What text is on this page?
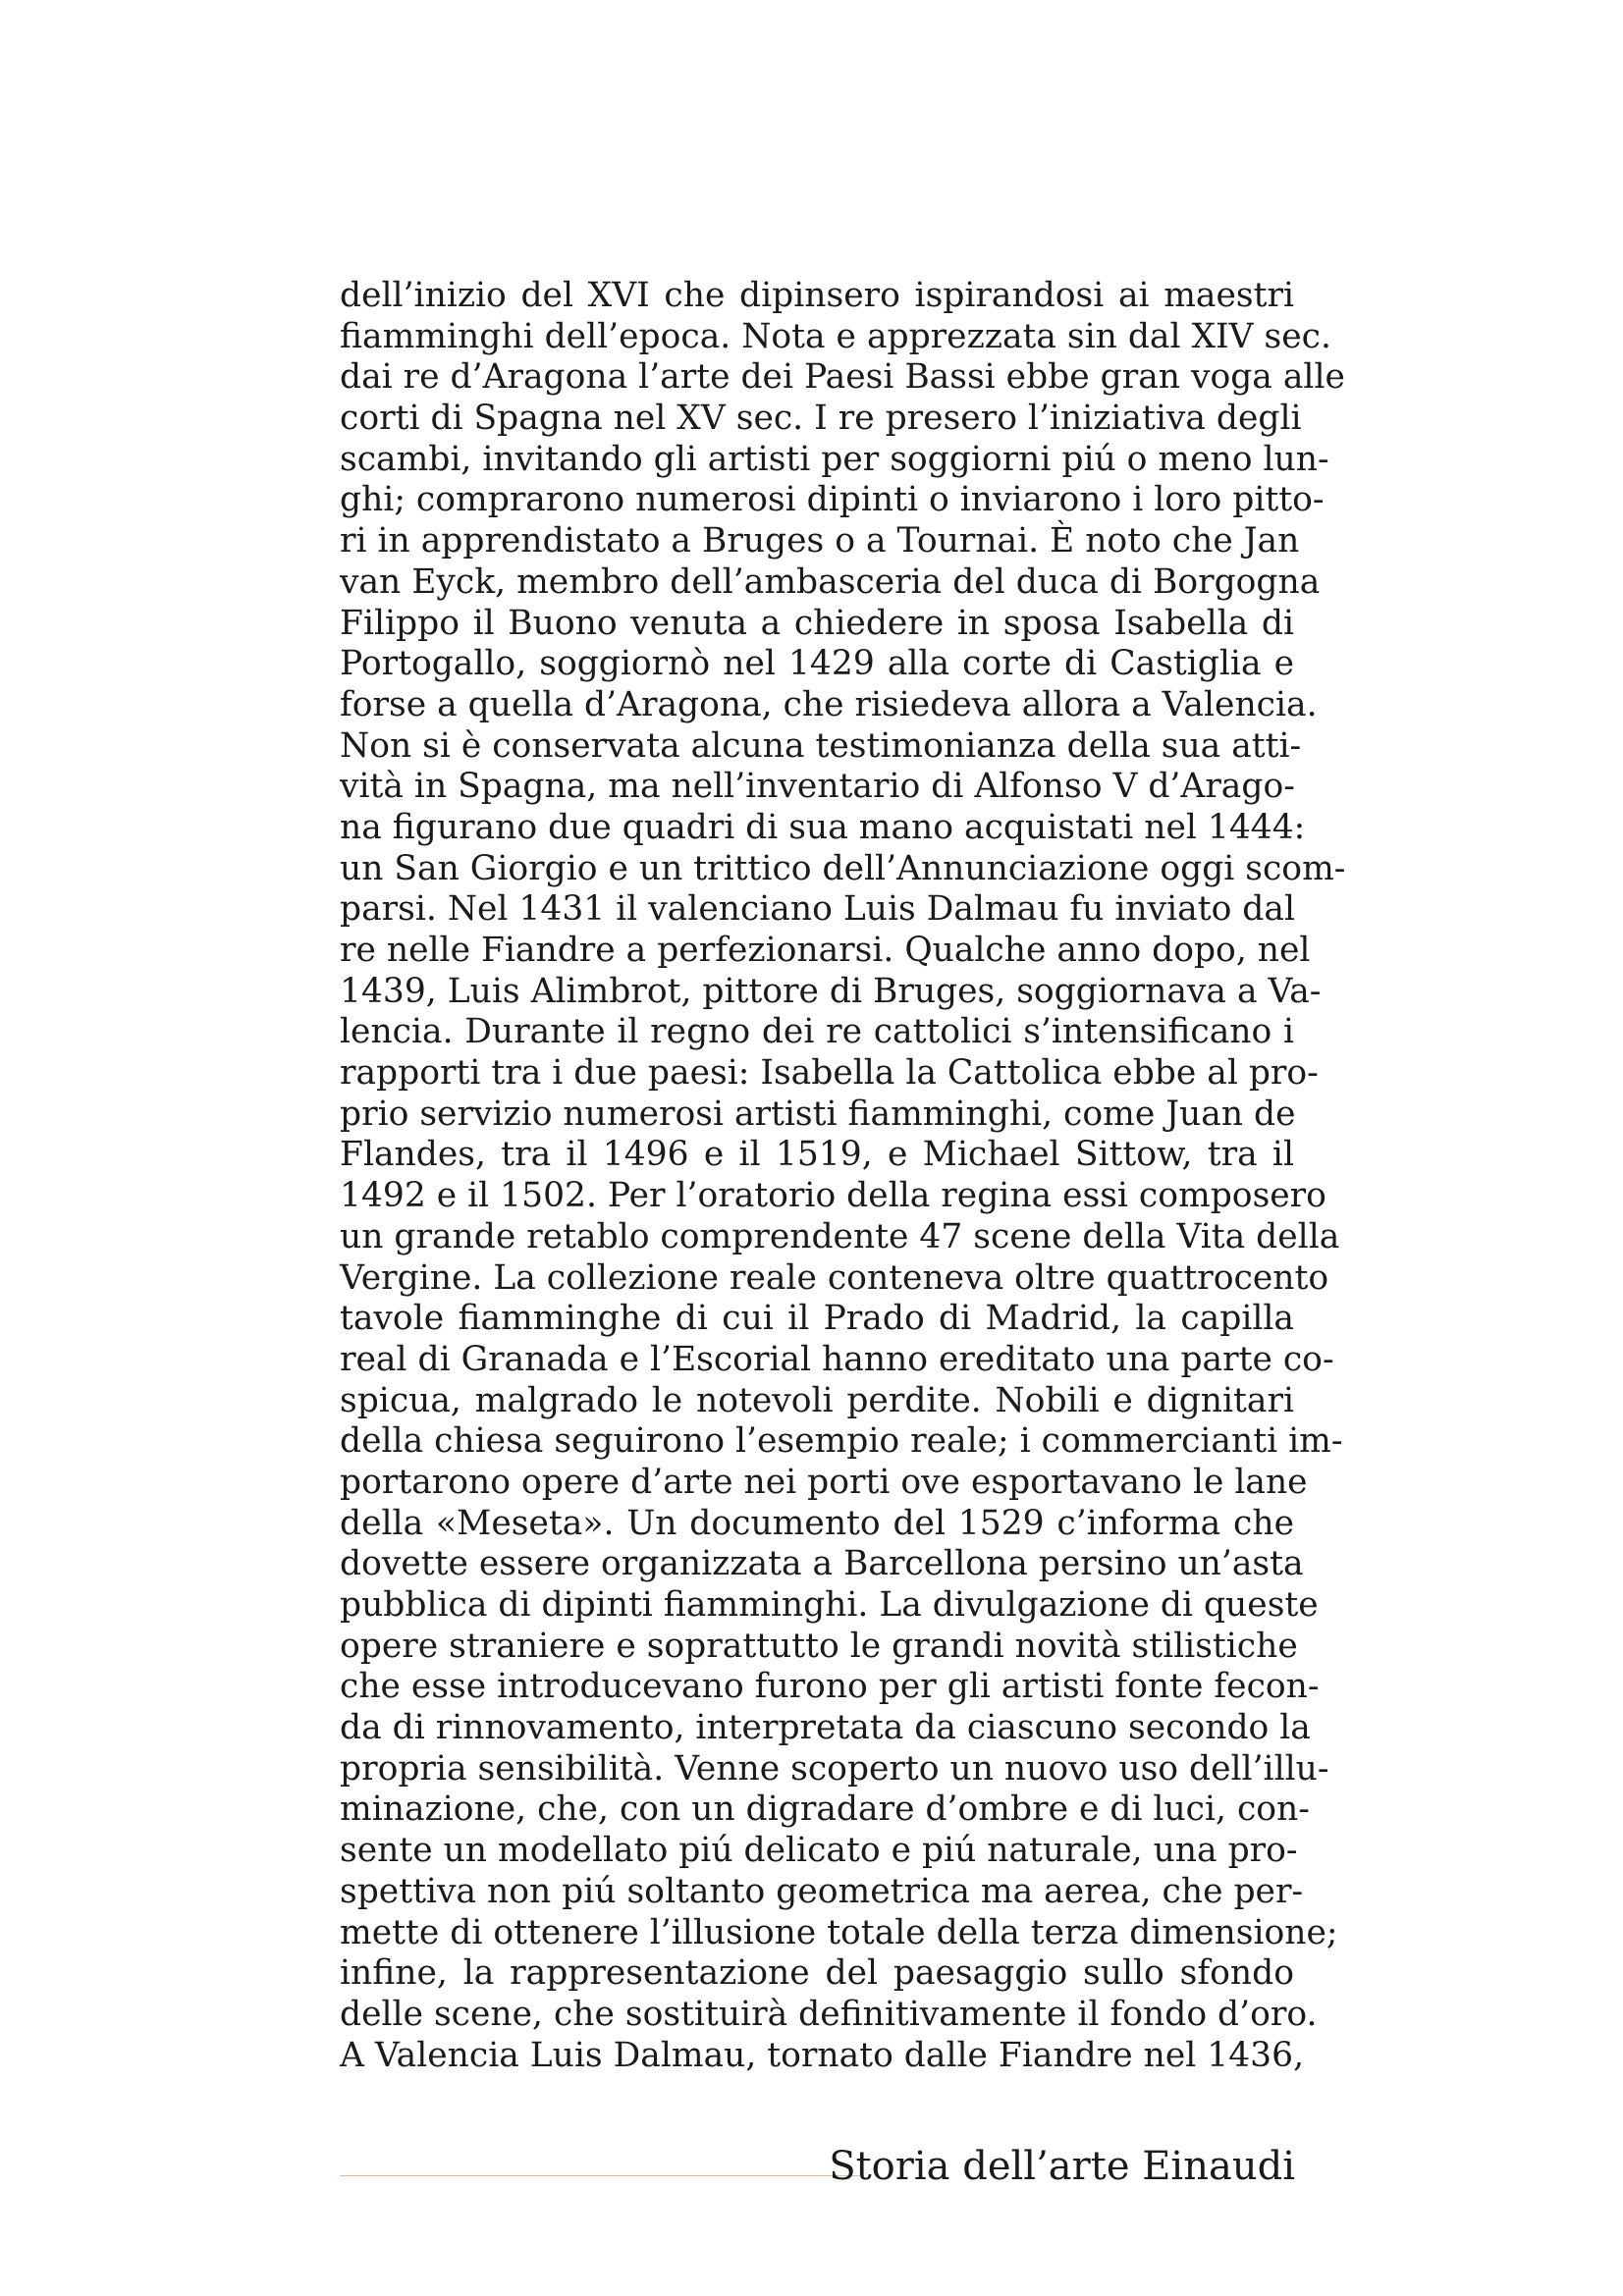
dell’inizio del XVI che dipinsero ispirandosi ai maestri
fiamminghi dell’epoca. Nota e apprezzata sin dal XIV sec.
dai re d’Aragona l’arte dei Paesi Bassi ebbe gran voga alle
corti di Spagna nel XV sec. I re presero l’iniziativa degli
scambi, invitando gli artisti per soggiorni piú o meno lun-
ghi; comprarono numerosi dipinti o inviarono i loro pitto-
ri in apprendistato a Bruges o a Tournai. È noto che Jan
van Eyck, membro dell’ambasceria del duca di Borgogna
Filippo il Buono venuta a chiedere in sposa Isabella di
Portogallo, soggiornò nel 1429 alla corte di Castiglia e
forse a quella d’Aragona, che risiedeva allora a Valencia.
Non si è conservata alcuna testimonianza della sua atti-
vità in Spagna, ma nell’inventario di Alfonso V d’Arago-
na figurano due quadri di sua mano acquistati nel 1444:
un San Giorgio e un trittico dell’Annunciazione oggi scom-
parsi. Nel 1431 il valenciano Luis Dalmau fu inviato dal
re nelle Fiandre a perfezionarsi. Qualche anno dopo, nel
1439, Luis Alimbrot, pittore di Bruges, soggiornava a Va-
lencia. Durante il regno dei re cattolici s’intensificano i
rapporti tra i due paesi: Isabella la Cattolica ebbe al pro-
prio servizio numerosi artisti fiamminghi, come Juan de
Flandes, tra il 1496 e il 1519, e Michael Sittow, tra il
1492 e il 1502. Per l’oratorio della regina essi composero
un grande retablo comprendente 47 scene della Vita della
Vergine. La collezione reale conteneva oltre quattrocento
tavole fiamminghe di cui il Prado di Madrid, la capilla
real di Granada e l’Escorial hanno ereditato una parte co-
spicua, malgrado le notevoli perdite. Nobili e dignitari
della chiesa seguirono l’esempio reale; i commercianti im-
portarono opere d’arte nei porti ove esportavano le lane
della «Meseta». Un documento del 1529 c’informa che
dovette essere organizzata a Barcellona persino un’asta
pubblica di dipinti fiamminghi. La divulgazione di queste
opere straniere e soprattutto le grandi novità stilistiche
che esse introducevano furono per gli artisti fonte fecon-
da di rinnovamento, interpretata da ciascuno secondo la
propria sensibilità. Venne scoperto un nuovo uso dell’illu-
minazione, che, con un digradare d’ombre e di luci, con-
sente un modellato piú delicato e piú naturale, una pro-
spettiva non piú soltanto geometrica ma aerea, che per-
mette di ottenere l’illusione totale della terza dimensione;
infine, la rappresentazione del paesaggio sullo sfondo
delle scene, che sostituirà definitivamente il fondo d’oro.
A Valencia Luis Dalmau, tornato dalle Fiandre nel 1436,
Storia dell’arte Einaudi
